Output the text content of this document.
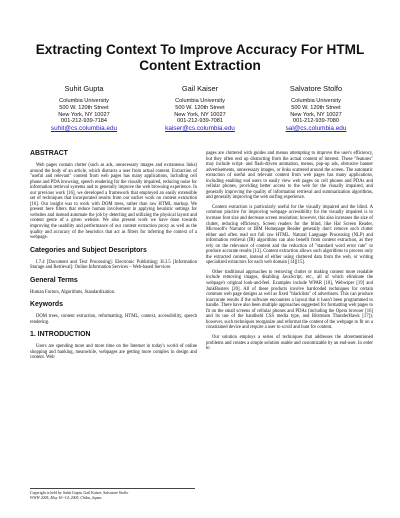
Extracting Context To Improve Accuracy For HTML Content Extraction
Suhit Gupta
Columbia University
500 W. 120th Street
New York, NY 10027
001-212-939-7184
suhit@cs.columbia.edu
Gail Kaiser
Columbia University
500 W. 120th Street
New York, NY 10027
001-212-939-7081
kaiser@cs.columbia.edu
Salvatore Stolfo
Columbia University
500 W. 120th Street
New York, NY 10027
001-212-939-7080
sal@cs.columbia.edu
ABSTRACT

Web pages contain clutter (such as ads, unnecessary images and extraneous links) around the body of an article, which distracts a user from actual content. Extraction of "useful and relevant" content from web pages has many applications, including cell phone and PDA browsing, speech rendering for the visually impaired, reducing noise for information retrieval systems and to generally improve the web browsing experience. In our previous work [16], we developed a framework that employed an easily extensible set of techniques that incorporated results from our earlier work on content extraction [16]. Our insight was to work with DOM trees, rather than raw HTML markup. We present here filters that reduce human involvement in applying heuristic settings for websites and instead automate the job by detecting and utilizing the physical layout and content genre of a given website. We also present work we have done towards improving the usability and performance of our content extraction proxy as well as the quality and accuracy of the heuristics that act as filters for inferring the context of a webpage.

Categories and Subject Descriptors

I.7.4 [Document and Text Processing]: Electronic Publishing; H.3.5 [Information Storage and Retrieval]: Online Information Services – Web-based Services

General Terms

Human Factors, Algorithms, Standardization.

Keywords

DOM trees, content extraction, reformatting, HTML, context, accessibility, speech rendering.

1. INTRODUCTION

Users are spending more and more time on the Internet in today's world of online shopping and banking, meanwhile, webpages are getting more complex in design and content. Web

Copyright is held by Suhit Gupta, Gail Kaiser, Salvatore Stolfo
WWW 2005, May 10--14, 2005, Chiba, Japan.

pages are cluttered with guides and menus attempting to improve the user's efficiency, but they often end up distracting from the actual content of interest. These "features" may include script- and flash-driven animation, menus, pop-up ads, obtrusive banner advertisements, unnecessary images, or links scattered around the screen. The automatic extraction of useful and relevant content from web pages has many applications, including enabling end users to easily view web pages on cell phones and PDAs and cellular phones, providing better access to the web for the visually impaired, and generally improving the quality of information retrieval and summarization algorithms, and generally improving the web surfing experience.

Content extraction is particularly useful for the visually impaired and the blind. A common practice for improving webpage accessibility for the visually impaired is to increase font size and decrease screen resolution; however, this also increases the size of clutter, reducing efficiency. Screen readers for the blind, like Hal Screen Reader, Microsoft's Narrator or IBM Homepage Reader generally don't remove such clutter either and often read out full raw HTML. Natural Language Processing (NLP) and information retrieval (IR) algorithms can also benefit from content extraction, as they rely on the relevance of content and the reduction of "standard word error rate" to produce accurate results [13]. Content extraction allows such algorithms to process only the extracted content, instead of either using cluttered data from the web, or writing specialized extractors for each web domain [14][15].

Other traditional approaches to removing clutter or making content more readable include removing images, disabling JavaScript, etc., all of which eliminate the webpage's original look-and-feel. Examples include WPAR [18], Webwiper [19] and JunkBusters [20]. All of these products involve hardcoded techniques for certain common web page designs as well as fixed "blacklists" of advertisers. This can produce inaccurate results if the software encounters a layout that it hasn't been programmed to handle. There have also been multiple approaches suggested for formatting web pages to fit on the small screens of cellular phones and PDAs (including the Opera browser [16] and its use of the handheld CSS media type, and Bitstream ThunderHawk [17]); however, such techniques reorganize and reformat the content of the webpage to fit on a constrained device and require a user to scroll and hunt for content.

Our solution employs a series of techniques that addresses the aforementioned problems and creates a simple solution usable and customizable by an end-user. In order to
